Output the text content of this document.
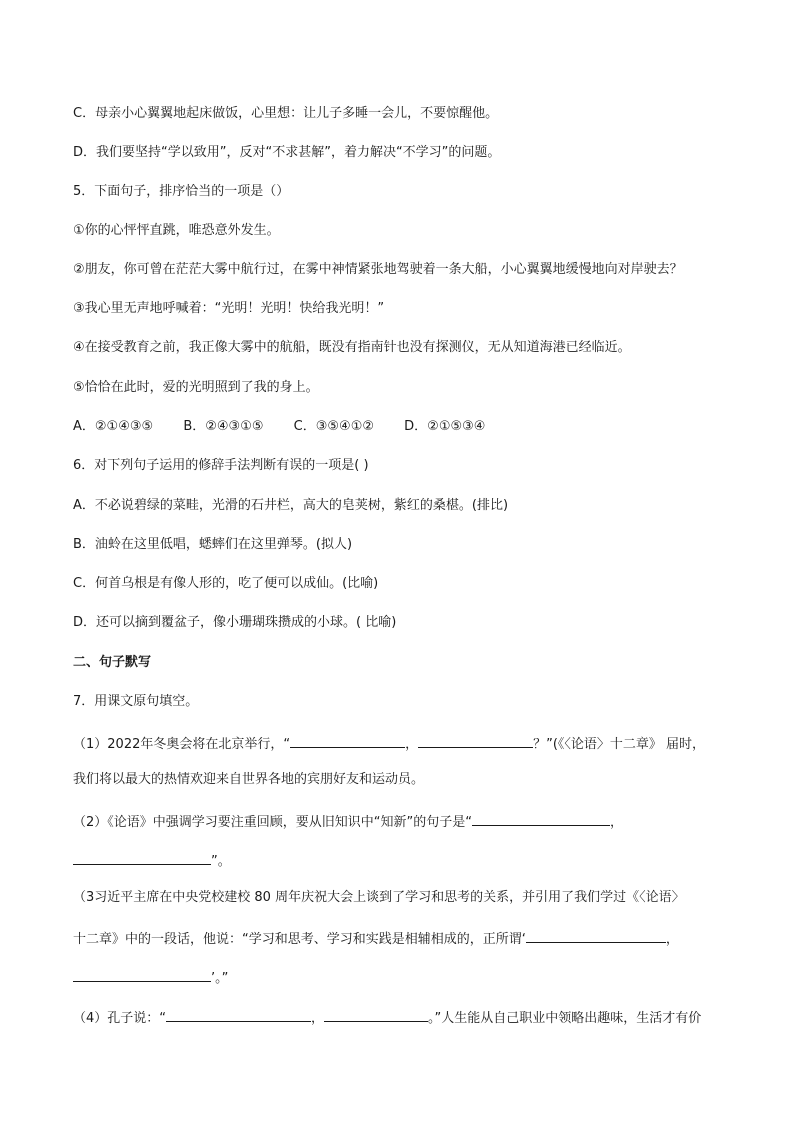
C．母亲小心翼翼地起床做饭，心里想：让儿子多睡一会儿，不要惊醒他。
D．我们要坚持“学以致用”，反对“不求甚解”，着力解决“不学习”的问题。
5．下面句子，排序恰当的一项是（）
①你的心怦怦直跳，唯恐意外发生。
②朋友，你可曾在茫茫大雾中航行过，在雾中神情紧张地驾驶着一条大船，小心翼翼地缓慢地向对岸驶去？
③我心里无声地呼喊着：“光明！光明！快给我光明！”
④在接受教育之前，我正像大雾中的航船，既没有指南针也没有探测仪，无从知道海港已经临近。
⑤恰恰在此时，爱的光明照到了我的身上。
A．②①④③⑤ B．②④③①⑤ C．③⑤④①② D．②①⑤③④
6．对下列句子运用的修辞手法判断有误的一项是( )
A．不必说碧绿的菜畦，光滑的石井栏，高大的皂荚树，紫红的桑椹。(排比)
B．油蛉在这里低唱，蟋蟀们在这里弹琴。(拟人)
C．何首乌根是有像人形的，吃了便可以成仙。(比喻)
D．还可以摘到覆盆子，像小珊瑚珠攒成的小球。( 比喻)
二、句子默写
7．用课文原句填空。
（1）2022年冬奥会将在北京举行，“	，	？”(《〈论语〉十二章》 届时，
我们将以最大的热情欢迎来自世界各地的宾朋好友和运动员。
（2）《论语》中强调学习要注重回顾，要从旧知识中“知新”的句子是“	，
”。
（3习近平主席在中央党校建校 80 周年庆祝大会上谈到了学习和思考的关系，并引用了我们学过《〈论语〉
十二章》中的一段话，他说：“学习和思考、学习和实践是相辅相成的，正所谓‘	，
’。”
（4）孔子说：“	，	。”人生能从自己职业中领略出趣味，生活才有价
